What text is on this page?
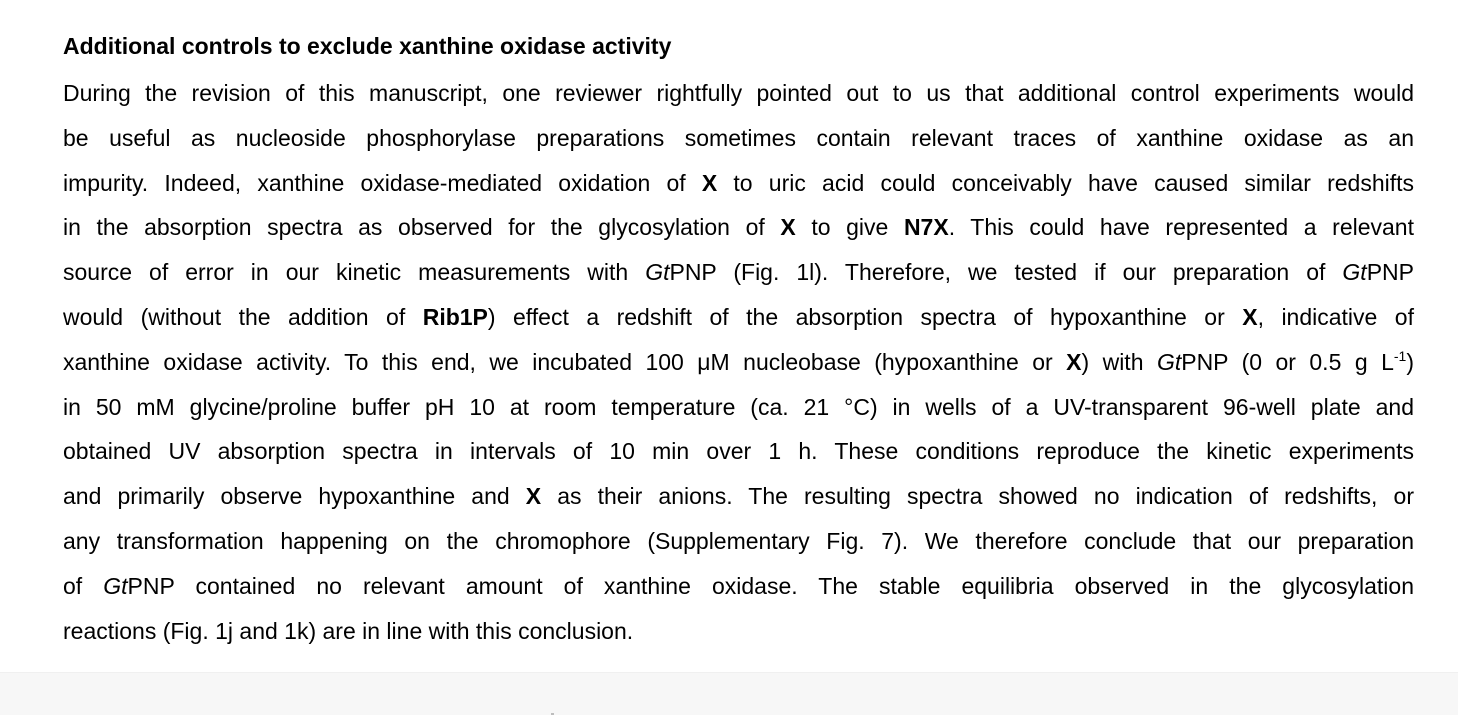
Additional controls to exclude xanthine oxidase activity
During the revision of this manuscript, one reviewer rightfully pointed out to us that additional control experiments would
be useful as nucleoside phosphorylase preparations sometimes contain relevant traces of xanthine oxidase as an
impurity. Indeed, xanthine oxidase-mediated oxidation of X to uric acid could conceivably have caused similar redshifts
in the absorption spectra as observed for the glycosylation of X to give N7X. This could have represented a relevant
source of error in our kinetic measurements with GtPNP (Fig. 1l). Therefore, we tested if our preparation of GtPNP
would (without the addition of Rib1P) effect a redshift of the absorption spectra of hypoxanthine or X, indicative of
xanthine oxidase activity. To this end, we incubated 100 μM nucleobase (hypoxanthine or X) with GtPNP (0 or 0.5 g $L^{-1}$)
in 50 mM glycine/proline buffer pH 10 at room temperature (ca. 21 °C) in wells of a UV-transparent 96-well plate and
obtained UV absorption spectra in intervals of 10 min over 1 h. These conditions reproduce the kinetic experiments
and primarily observe hypoxanthine and X as their anions. The resulting spectra showed no indication of redshifts, or
any transformation happening on the chromophore (Supplementary Fig. 7). We therefore conclude that our preparation
of GtPNP contained no relevant amount of xanthine oxidase. The stable equilibria observed in the glycosylation
reactions (Fig. 1j and 1k) are in line with this conclusion.
